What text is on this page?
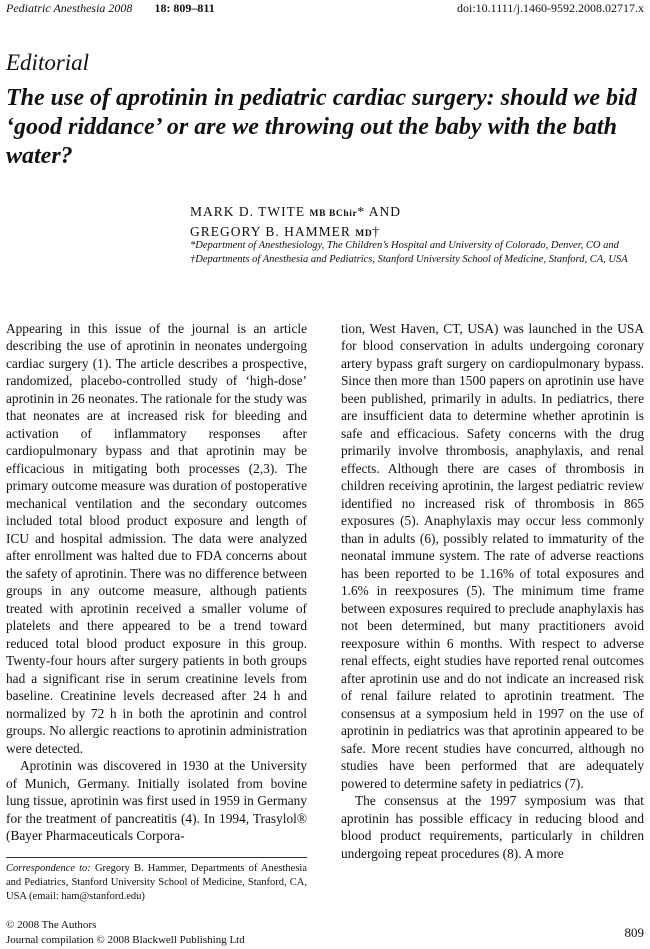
Pediatric Anesthesia 2008 18: 809–811	doi:10.1111/j.1460-9592.2008.02717.x
Editorial
The use of aprotinin in pediatric cardiac surgery: should we bid ‘good riddance’ or are we throwing out the baby with the bath water?
MARK D. TWITE MB BChir* AND
GREGORY B. HAMMER MD†
*Department of Anesthesiology, The Children’s Hospital and University of Colorado, Denver, CO and †Departments of Anesthesia and Pediatrics, Stanford University School of Medicine, Stanford, CA, USA

Appearing in this issue of the journal is an article describing the use of aprotinin in neonates undergoing cardiac surgery (1). The article describes a prospective, randomized, placebo-controlled study of ‘high-dose’ aprotinin in 26 neonates. The rationale for the study was that neonates are at increased risk for bleeding and activation of inflammatory responses after cardiopulmonary bypass and that aprotinin may be efficacious in mitigating both processes (2,3). The primary outcome measure was duration of postoperative mechanical ventilation and the secondary outcomes included total blood product exposure and length of ICU and hospital admission. The data were analyzed after enrollment was halted due to FDA concerns about the safety of aprotinin. There was no difference between groups in any outcome measure, although patients treated with aprotinin received a smaller volume of platelets and there appeared to be a trend toward reduced total blood product exposure in this group. Twenty-four hours after surgery patients in both groups had a significant rise in serum creatinine levels from baseline. Creatinine levels decreased after 24 h and normalized by 72 h in both the aprotinin and control groups. No allergic reactions to aprotinin administration were detected.

Aprotinin was discovered in 1930 at the University of Munich, Germany. Initially isolated from bovine lung tissue, aprotinin was first used in 1959 in Germany for the treatment of pancreatitis (4). In 1994, Trasylol® (Bayer Pharmaceuticals Corpora-

tion, West Haven, CT, USA) was launched in the USA for blood conservation in adults undergoing coronary artery bypass graft surgery on cardiopulmonary bypass. Since then more than 1500 papers on aprotinin use have been published, primarily in adults. In pediatrics, there are insufficient data to determine whether aprotinin is safe and efficacious. Safety concerns with the drug primarily involve thrombosis, anaphylaxis, and renal effects. Although there are cases of thrombosis in children receiving aprotinin, the largest pediatric review identified no increased risk of thrombosis in 865 exposures (5). Anaphylaxis may occur less commonly than in adults (6), possibly related to immaturity of the neonatal immune system. The rate of adverse reactions has been reported to be 1.16% of total exposures and 1.6% in reexposures (5). The minimum time frame between exposures required to preclude anaphylaxis has not been determined, but many practitioners avoid reexposure within 6 months. With respect to adverse renal effects, eight studies have reported renal outcomes after aprotinin use and do not indicate an increased risk of renal failure related to aprotinin treatment. The consensus at a symposium held in 1997 on the use of aprotinin in pediatrics was that aprotinin appeared to be safe. More recent studies have concurred, although no studies have been performed that are adequately powered to determine safety in pediatrics (7).

The consensus at the 1997 symposium was that aprotinin has possible efficacy in reducing blood and blood product requirements, particularly in children undergoing repeat procedures (8). A more

Correspondence to: Gregory B. Hammer, Departments of Anesthesia and Pediatrics, Stanford University School of Medicine, Stanford, CA, USA (email: ham@stanford.edu)
© 2008 The Authors
Journal compilation © 2008 Blackwell Publishing Ltd	809
